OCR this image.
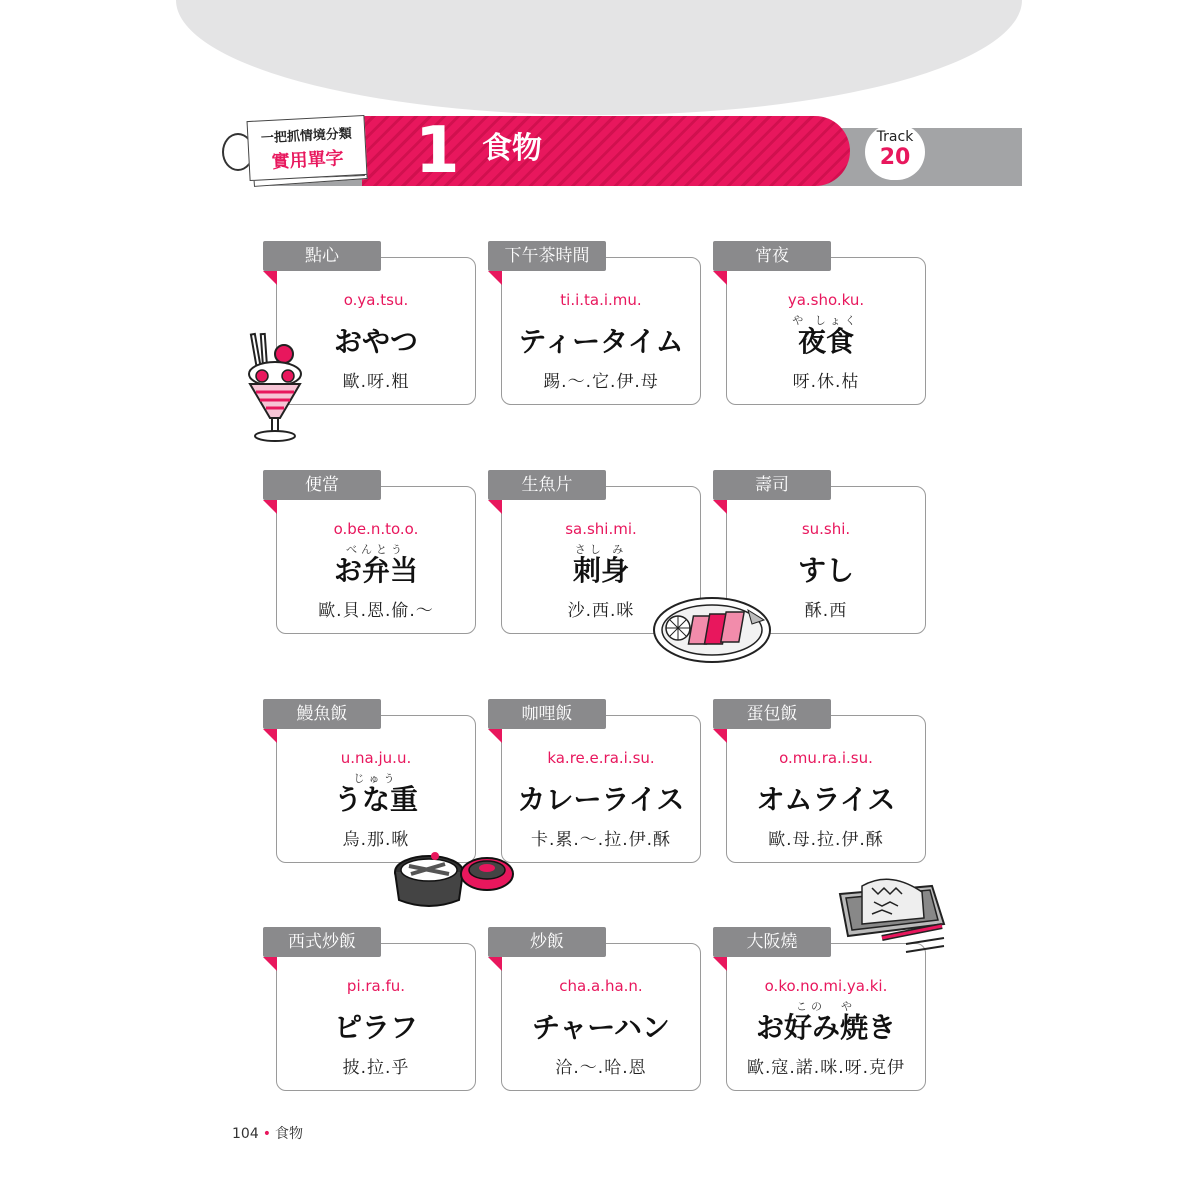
1 食物
一把抓情境分類
實用單字
Track
20
點心
o.ya.tsu.
おやつ
歐.呀.粗
下午茶時間
ti.i.ta.i.mu.
ティータイム
踢.～.它.伊.母
宵夜
ya.sho.ku.
や しょく
夜食
呀.休.枯
便當
o.be.n.to.o.
べんとう
お弁当
歐.貝.恩.偷.～
生魚片
sa.shi.mi.
さし み
刺身
沙.西.咪
壽司
su.shi.
すし
酥.西
鰻魚飯
u.na.ju.u.
じゅう
うな重
烏.那.啾
咖哩飯
ka.re.e.ra.i.su.
カレーライス
卡.累.～.拉.伊.酥
蛋包飯
o.mu.ra.i.su.
オムライス
歐.母.拉.伊.酥
西式炒飯
pi.ra.fu.
ピラフ
披.拉.乎
炒飯
cha.a.ha.n.
チャーハン
洽.～.哈.恩
大阪燒
o.ko.no.mi.ya.ki.
この　や
お好み焼き
歐.寇.諾.咪.呀.克伊
104 • 食物
